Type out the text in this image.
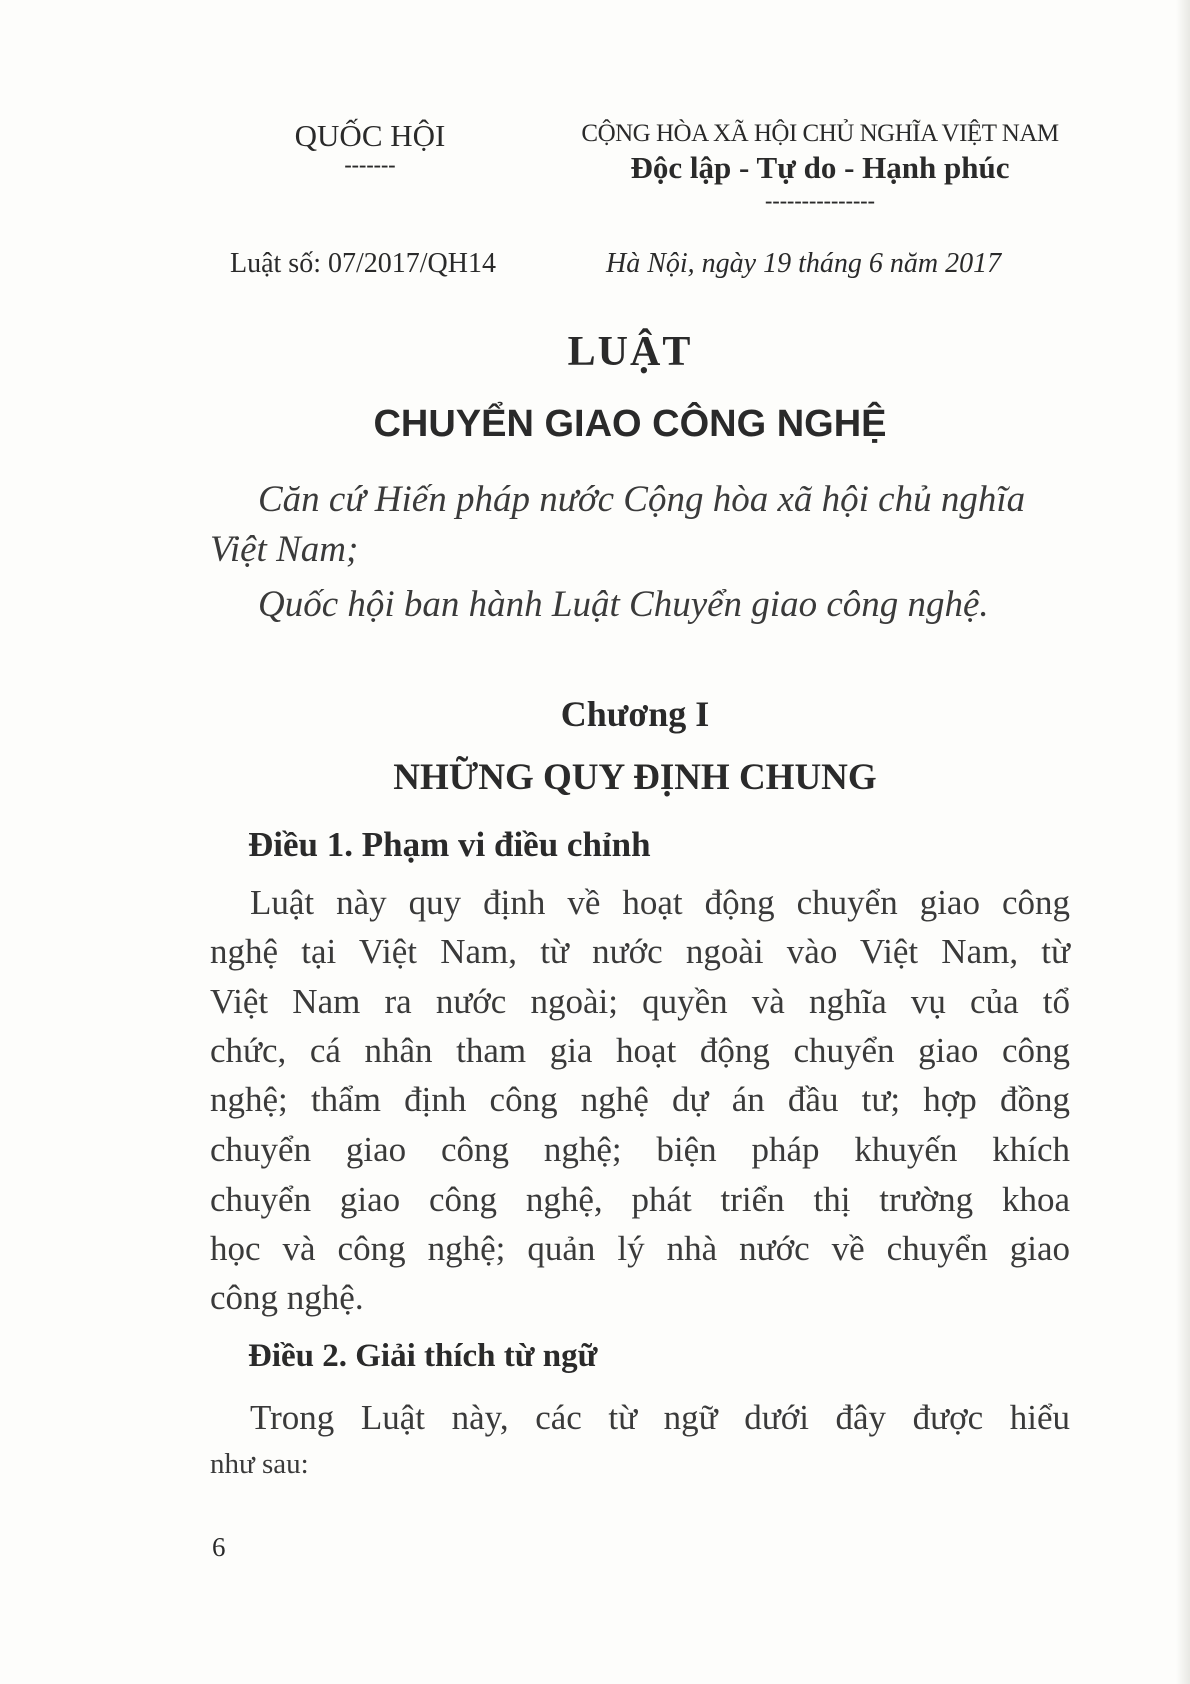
QUỐC HỘI
-------
CỘNG HÒA XÃ HỘI CHỦ NGHĨA VIỆT NAM
Độc lập - Tự do - Hạnh phúc
---------------
Luật số: 07/2017/QH14	Hà Nội, ngày 19 tháng 6 năm 2017
LUẬT
CHUYỂN GIAO CÔNG NGHỆ
Căn cứ Hiến pháp nước Cộng hòa xã hội chủ nghĩa
Việt Nam;
Quốc hội ban hành Luật Chuyển giao công nghệ.
Chương I
NHỮNG QUY ĐỊNH CHUNG
Điều 1. Phạm vi điều chỉnh
Luật này quy định về hoạt động chuyển giao công
nghệ tại Việt Nam, từ nước ngoài vào Việt Nam, từ
Việt Nam ra nước ngoài; quyền và nghĩa vụ của tổ
chức, cá nhân tham gia hoạt động chuyển giao công
nghệ; thẩm định công nghệ dự án đầu tư; hợp đồng
chuyển giao công nghệ; biện pháp khuyến khích
chuyển giao công nghệ, phát triển thị trường khoa
học và công nghệ; quản lý nhà nước về chuyển giao
công nghệ.
Điều 2. Giải thích từ ngữ
Trong Luật này, các từ ngữ dưới đây được hiểu
như sau:
6
